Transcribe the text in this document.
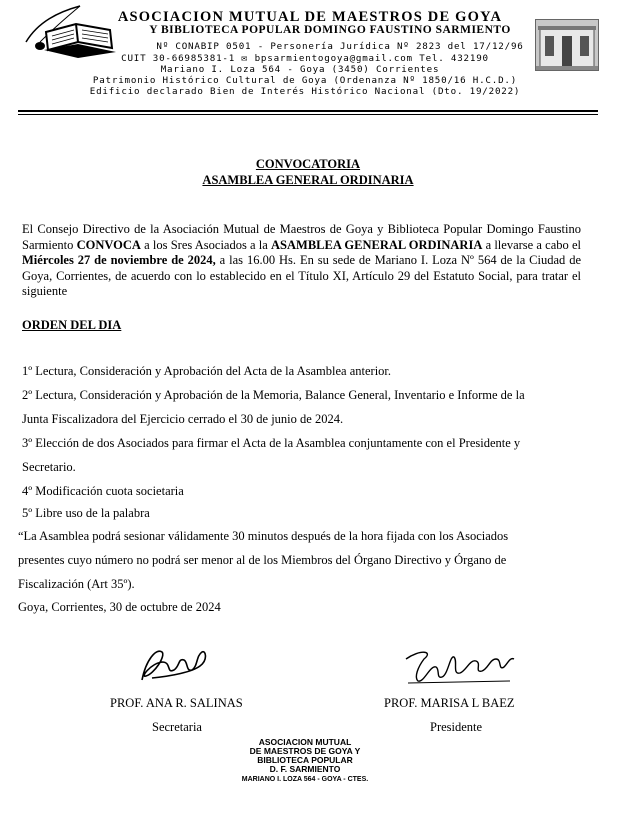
ASOCIACION MUTUAL DE MAESTROS DE GOYA
Y BIBLIOTECA POPULAR DOMINGO FAUSTINO SARMIENTO
Nº CONABIP 0501 - Personería Jurídica Nº 2823 del 17/12/96
CUIT 30-66985381-1 ✉ bpsarmientogoya@gmail.com Tel. 432190
Mariano I. Loza 564 - Goya (3450) Corrientes
Patrimonio Histórico Cultural de Goya (Ordenanza Nº 1850/16 H.C.D.)
Edificio declarado Bien de Interés Histórico Nacional (Dto. 19/2022)
CONVOCATORIA
ASAMBLEA GENERAL ORDINARIA
El Consejo Directivo de la Asociación Mutual de Maestros de Goya y Biblioteca Popular Domingo Faustino Sarmiento CONVOCA a los Sres Asociados a la ASAMBLEA GENERAL ORDINARIA a llevarse a cabo el Miércoles 27 de noviembre de 2024, a las 16.00 Hs. En su sede de Mariano I. Loza Nº 564 de la Ciudad de Goya, Corrientes, de acuerdo con lo establecido en el Título XI, Artículo 29 del Estatuto Social, para tratar el siguiente
ORDEN DEL DIA
1º Lectura, Consideración y Aprobación del Acta de la Asamblea anterior.
2º Lectura, Consideración y Aprobación de la Memoria, Balance General, Inventario e Informe de la
Junta Fiscalizadora del Ejercicio cerrado el 30 de junio de 2024.
3º Elección de dos Asociados para firmar el Acta de la Asamblea conjuntamente con el Presidente y
Secretario.
4º Modificación cuota societaria
5º Libre uso de la palabra
“La Asamblea podrá sesionar válidamente 30 minutos después de la hora fijada con los Asociados
presentes cuyo número no podrá ser menor al de los Miembros del Órgano Directivo y Órgano de
Fiscalización (Art 35º).
Goya, Corrientes, 30 de octubre de 2024
PROF. ANA R. SALINAS
Secretaria
PROF. MARISA L BAEZ
Presidente
ASOCIACION MUTUAL
DE MAESTROS DE GOYA Y
BIBLIOTECA POPULAR
D. F. SARMIENTO
MARIANO I. LOZA 564 - GOYA - CTES.
